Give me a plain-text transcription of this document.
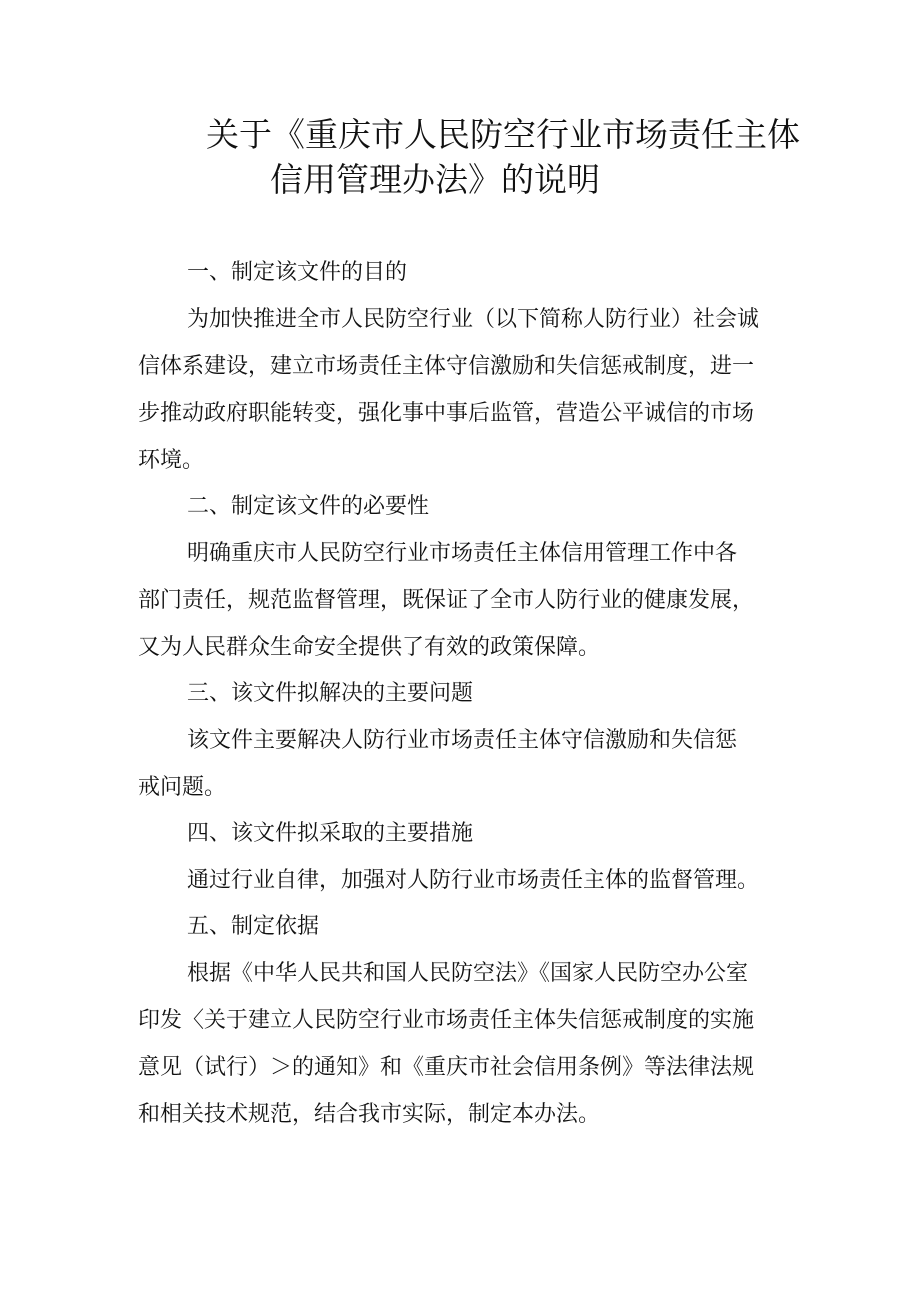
关于《重庆市人民防空行业市场责任主体
信用管理办法》的说明
一、制定该文件的目的
为加快推进全市人民防空行业（以下简称人防行业）社会诚
信体系建设，建立市场责任主体守信激励和失信惩戒制度，进一
步推动政府职能转变，强化事中事后监管，营造公平诚信的市场
环境。
二、制定该文件的必要性
明确重庆市人民防空行业市场责任主体信用管理工作中各
部门责任，规范监督管理，既保证了全市人防行业的健康发展，
又为人民群众生命安全提供了有效的政策保障。
三、该文件拟解决的主要问题
该文件主要解决人防行业市场责任主体守信激励和失信惩
戒问题。
四、该文件拟采取的主要措施
通过行业自律，加强对人防行业市场责任主体的监督管理。
五、制定依据
根据《中华人民共和国人民防空法》《国家人民防空办公室
印发〈关于建立人民防空行业市场责任主体失信惩戒制度的实施
意见（试行）＞的通知》和《重庆市社会信用条例》等法律法规
和相关技术规范，结合我市实际，制定本办法。
